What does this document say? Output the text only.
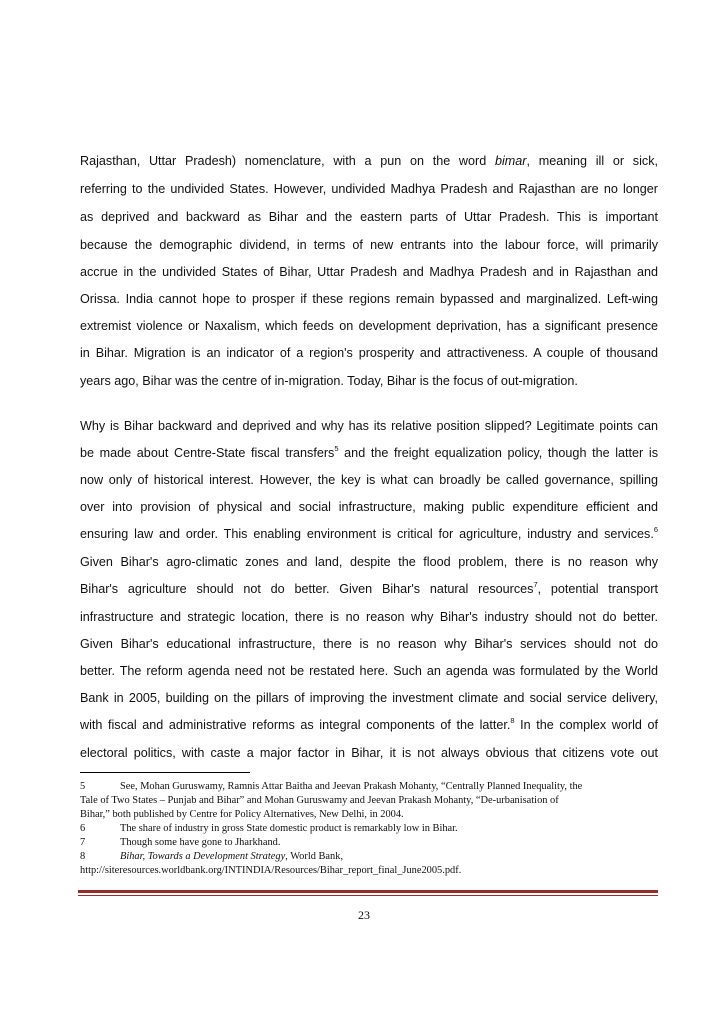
Rajasthan, Uttar Pradesh) nomenclature, with a pun on the word bimar, meaning ill or sick,
referring to the undivided States. However, undivided Madhya Pradesh and Rajasthan are no longer
as deprived and backward as Bihar and the eastern parts of Uttar Pradesh. This is important
because the demographic dividend, in terms of new entrants into the labour force, will primarily
accrue in the undivided States of Bihar, Uttar Pradesh and Madhya Pradesh and in Rajasthan and
Orissa. India cannot hope to prosper if these regions remain bypassed and marginalized. Left-wing
extremist violence or Naxalism, which feeds on development deprivation, has a significant presence
in Bihar. Migration is an indicator of a region's prosperity and attractiveness. A couple of thousand
years ago, Bihar was the centre of in-migration. Today, Bihar is the focus of out-migration.
Why is Bihar backward and deprived and why has its relative position slipped? Legitimate points can
be made about Centre-State fiscal transfers$^5$ and the freight equalization policy, though the latter is
now only of historical interest. However, the key is what can broadly be called governance, spilling
over into provision of physical and social infrastructure, making public expenditure efficient and
ensuring law and order. This enabling environment is critical for agriculture, industry and services.$^6$
Given Bihar's agro-climatic zones and land, despite the flood problem, there is no reason why
Bihar's agriculture should not do better. Given Bihar's natural resources$^7$, potential transport
infrastructure and strategic location, there is no reason why Bihar's industry should not do better.
Given Bihar's educational infrastructure, there is no reason why Bihar's services should not do
better. The reform agenda need not be restated here. Such an agenda was formulated by the World
Bank in 2005, building on the pillars of improving the investment climate and social service delivery,
with fiscal and administrative reforms as integral components of the latter.$^8$ In the complex world of
electoral politics, with caste a major factor in Bihar, it is not always obvious that citizens vote out
5	See, Mohan Guruswamy, Ramnis Attar Baitha and Jeevan Prakash Mohanty, “Centrally Planned Inequality, the
Tale of Two States – Punjab and Bihar” and Mohan Guruswamy and Jeevan Prakash Mohanty, “De-urbanisation of
Bihar,” both published by Centre for Policy Alternatives, New Delhi, in 2004.
6	The share of industry in gross State domestic product is remarkably low in Bihar.
7	Though some have gone to Jharkhand.
8	Bihar, Towards a Development Strategy, World Bank,
http://siteresources.worldbank.org/INTINDIA/Resources/Bihar_report_final_June2005.pdf.
23
